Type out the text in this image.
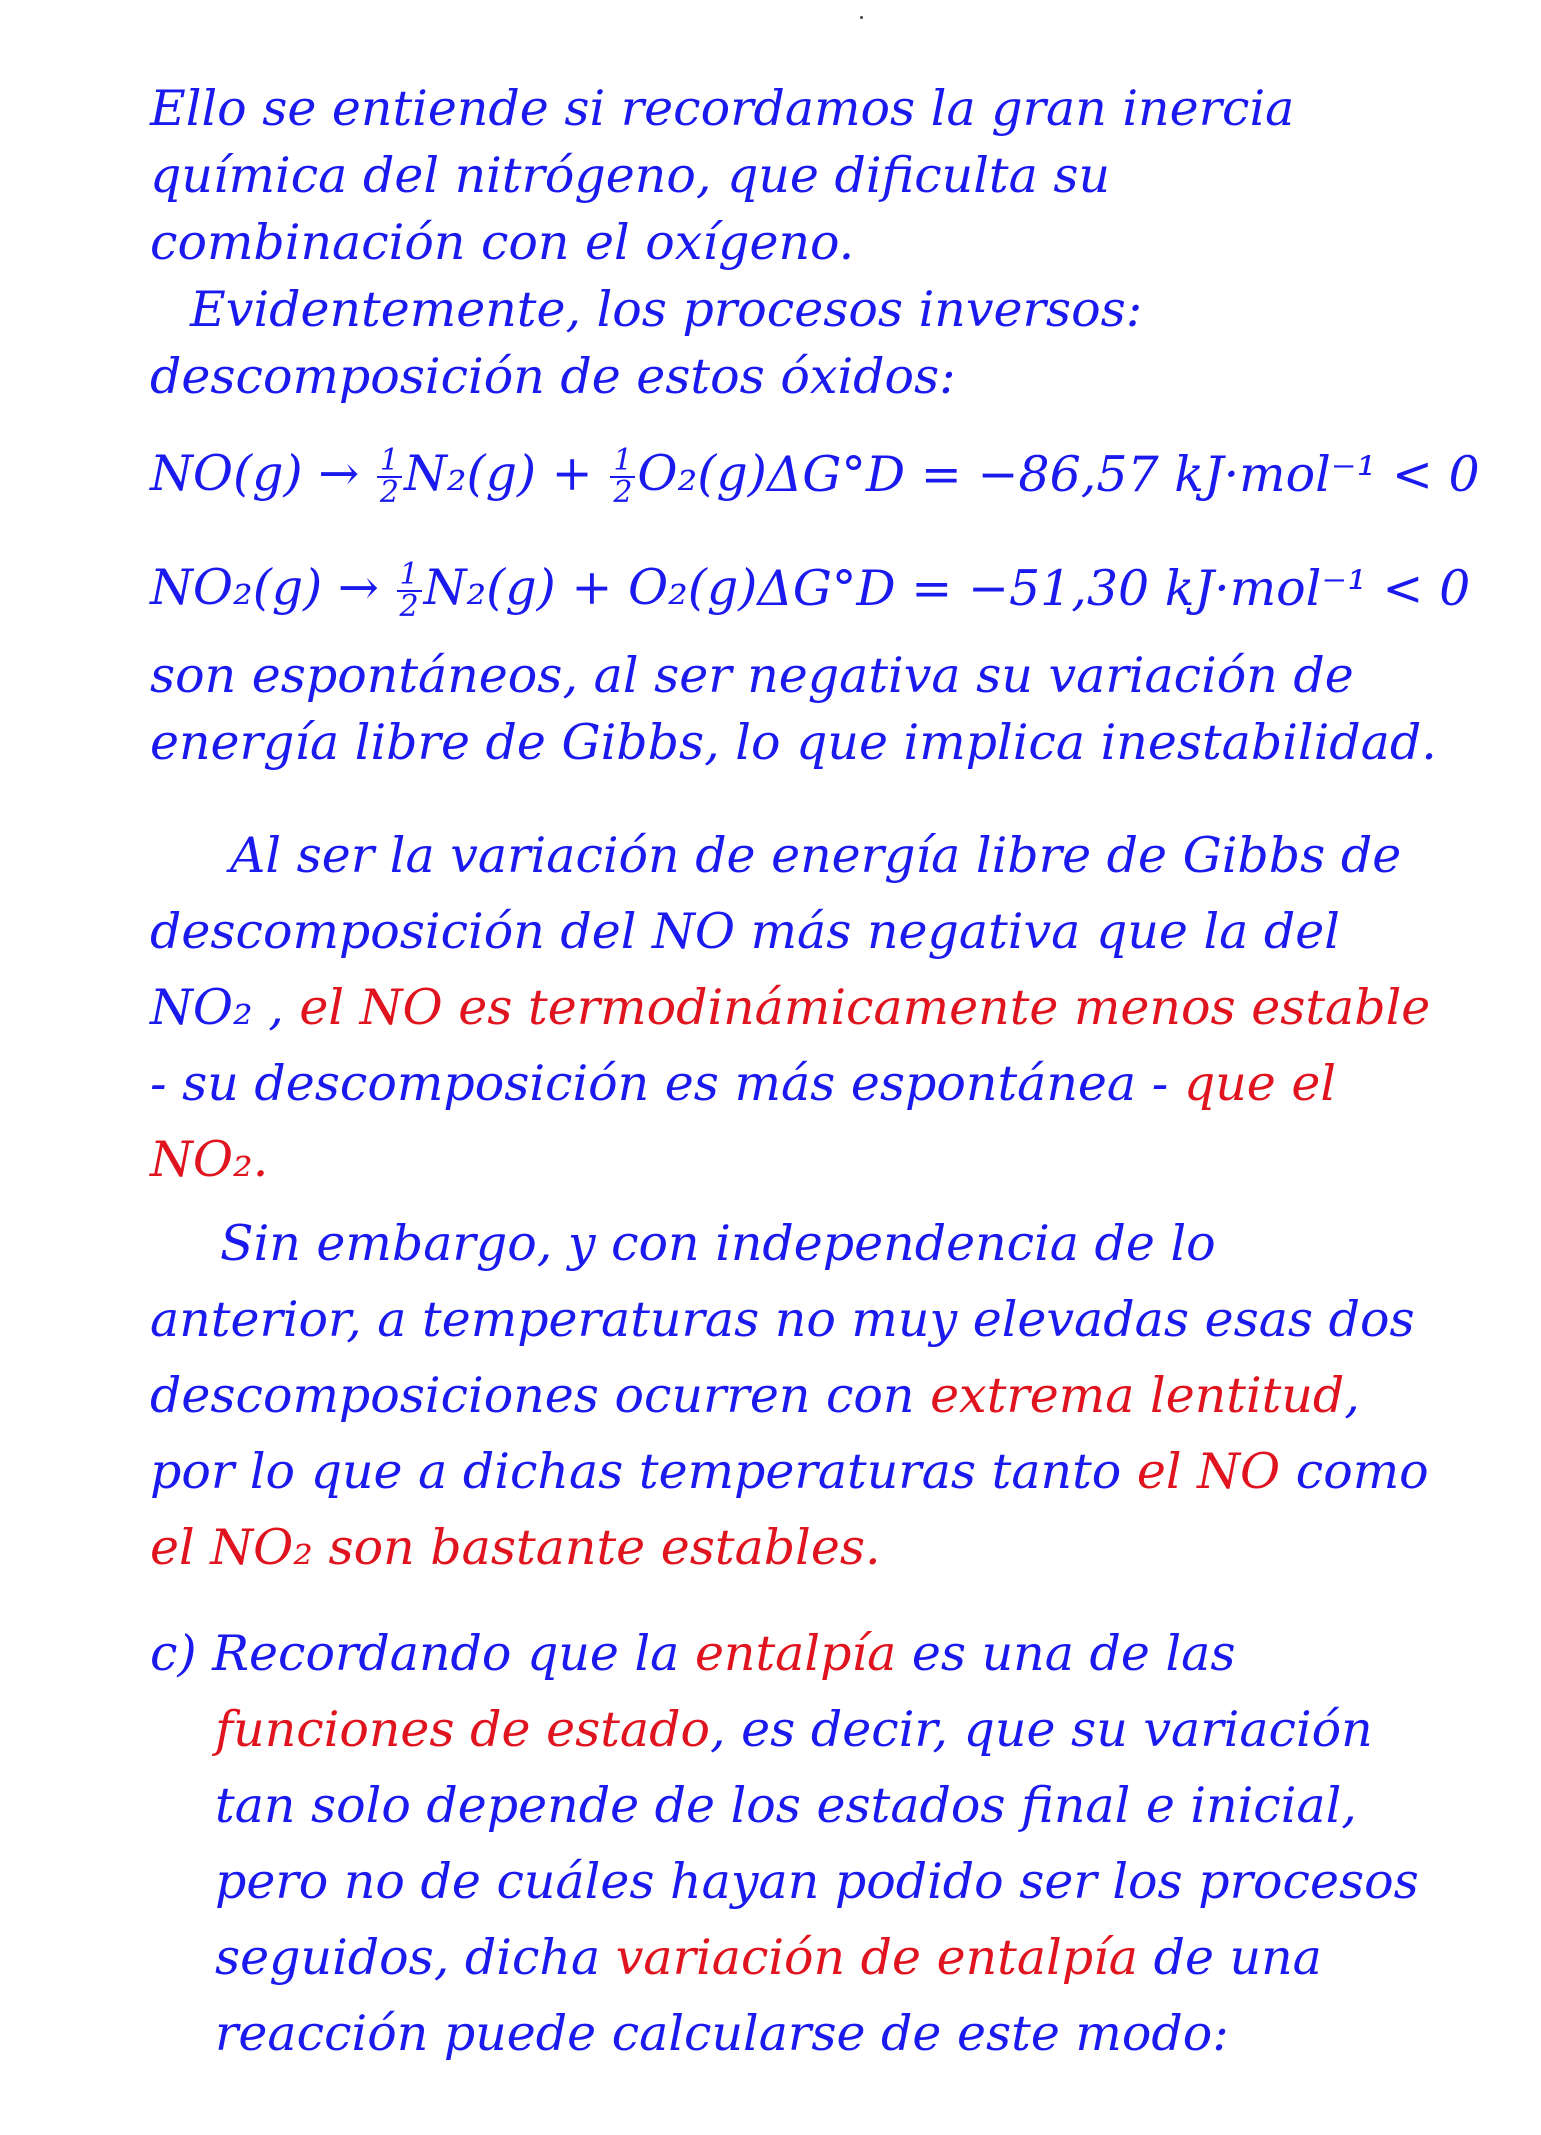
Ello se entiende si recordamos la gran inercia química del nitrógeno, que dificulta su combinación con el oxígeno.

Evidentemente, los procesos inversos: descomposición de estos óxidos:

$NO(g) \to \frac{1}{2} N_2(g) + \frac{1}{2} O_2(g) \Delta G^\circ D = -86,57$ kJ·mol⁻¹ < 0
$NO_2(g) \to \frac{1}{2} N_2(g) + O_2(g) \Delta G^\circ D = -51,30$ kJ·mol⁻¹ < 0

son espontáneos, al ser negativa su variación de energía libre de Gibbs, lo que implica inestabilidad.

Al ser la variación de energía libre de Gibbs de descomposición del NO más negativa que la del NO₂ , el NO es termodinámicamente menos estable - su descomposición es más espontánea - que el NO₂.

Sin embargo, y con independencia de lo anterior, a temperaturas no muy elevadas esas dos descomposiciones ocurren con extrema lentitud, por lo que a dichas temperaturas tanto el NO como el NO₂ son bastante estables.

c) Recordando que la entalpía es una de las funciones de estado, es decir, que su variación tan solo depende de los estados final e inicial, pero no de cuáles hayan podido ser los procesos seguidos, dicha variación de entalpía de una reacción puede calcularse de este modo:
